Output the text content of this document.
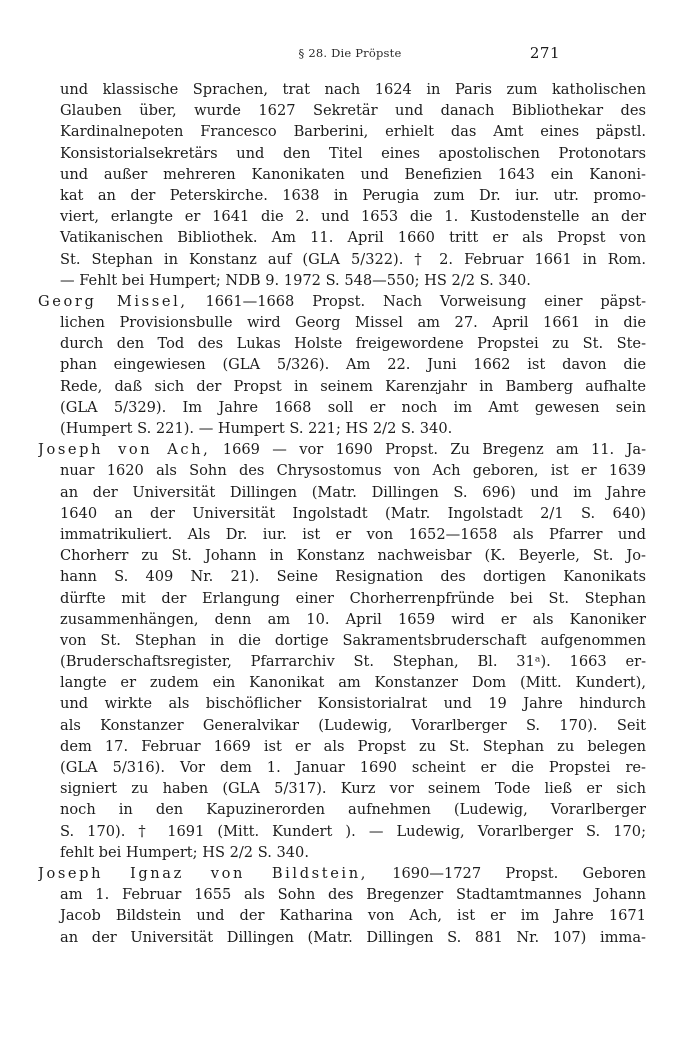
§ 28. Die Pröpste	271
und klassische Sprachen, trat nach 1624 in Paris zum katholischen
Glauben über, wurde 1627 Sekretär und danach Bibliothekar des
Kardinalnepoten Francesco Barberini, erhielt das Amt eines päpstl.
Konsistorialsekretärs und den Titel eines apostolischen Protonotars
und außer mehreren Kanonikaten und Benefizien 1643 ein Kanoni-
kat an der Peterskirche. 1638 in Perugia zum Dr. iur. utr. promo-
viert, erlangte er 1641 die 2. und 1653 die 1. Kustodenstelle an der
Vatikanischen Bibliothek. Am 11. April 1660 tritt er als Propst von
St. Stephan in Konstanz auf (GLA 5/322). † 2. Februar 1661 in Rom.
— Fehlt bei Humpert; NDB 9. 1972 S. 548—550; HS 2/2 S. 340.
Georg Missel, 1661—1668 Propst. Nach Vorweisung einer päpst-
lichen Provisionsbulle wird Georg Missel am 27. April 1661 in die
durch den Tod des Lukas Holste freigewordene Propstei zu St. Ste-
phan eingewiesen (GLA 5/326). Am 22. Juni 1662 ist davon die
Rede, daß sich der Propst in seinem Karenzjahr in Bamberg aufhalte
(GLA 5/329). Im Jahre 1668 soll er noch im Amt gewesen sein
(Humpert S. 221). — Humpert S. 221; HS 2/2 S. 340.
Joseph von Ach, 1669 — vor 1690 Propst. Zu Bregenz am 11. Ja-
nuar 1620 als Sohn des Chrysostomus von Ach geboren, ist er 1639
an der Universität Dillingen (Matr. Dillingen S. 696) und im Jahre
1640 an der Universität Ingolstadt (Matr. Ingolstadt 2/1 S. 640)
immatrikuliert. Als Dr. iur. ist er von 1652—1658 als Pfarrer und
Chorherr zu St. Johann in Konstanz nachweisbar (K. Beyerle, St. Jo-
hann S. 409 Nr. 21). Seine Resignation des dortigen Kanonikats
dürfte mit der Erlangung einer Chorherrenpfründe bei St. Stephan
zusammenhängen, denn am 10. April 1659 wird er als Kanoniker
von St. Stephan in die dortige Sakramentsbruderschaft aufgenommen
(Bruderschaftsregister, Pfarrarchiv St. Stephan, Bl. 31ᵃ). 1663 er-
langte er zudem ein Kanonikat am Konstanzer Dom (Mitt. Kundert),
und wirkte als bischöflicher Konsistorialrat und 19 Jahre hindurch
als Konstanzer Generalvikar (Ludewig, Vorarlberger S. 170). Seit
dem 17. Februar 1669 ist er als Propst zu St. Stephan zu belegen
(GLA 5/316). Vor dem 1. Januar 1690 scheint er die Propstei re-
signiert zu haben (GLA 5/317). Kurz vor seinem Tode ließ er sich
noch in den Kapuzinerorden aufnehmen (Ludewig, Vorarlberger
S. 170). † 1691 (Mitt. Kundert ). — Ludewig, Vorarlberger S. 170;
fehlt bei Humpert; HS 2/2 S. 340.
Joseph Ignaz von Bildstein, 1690—1727 Propst. Geboren
am 1. Februar 1655 als Sohn des Bregenzer Stadtamtmannes Johann
Jacob Bildstein und der Katharina von Ach, ist er im Jahre 1671
an der Universität Dillingen (Matr. Dillingen S. 881 Nr. 107) imma-
